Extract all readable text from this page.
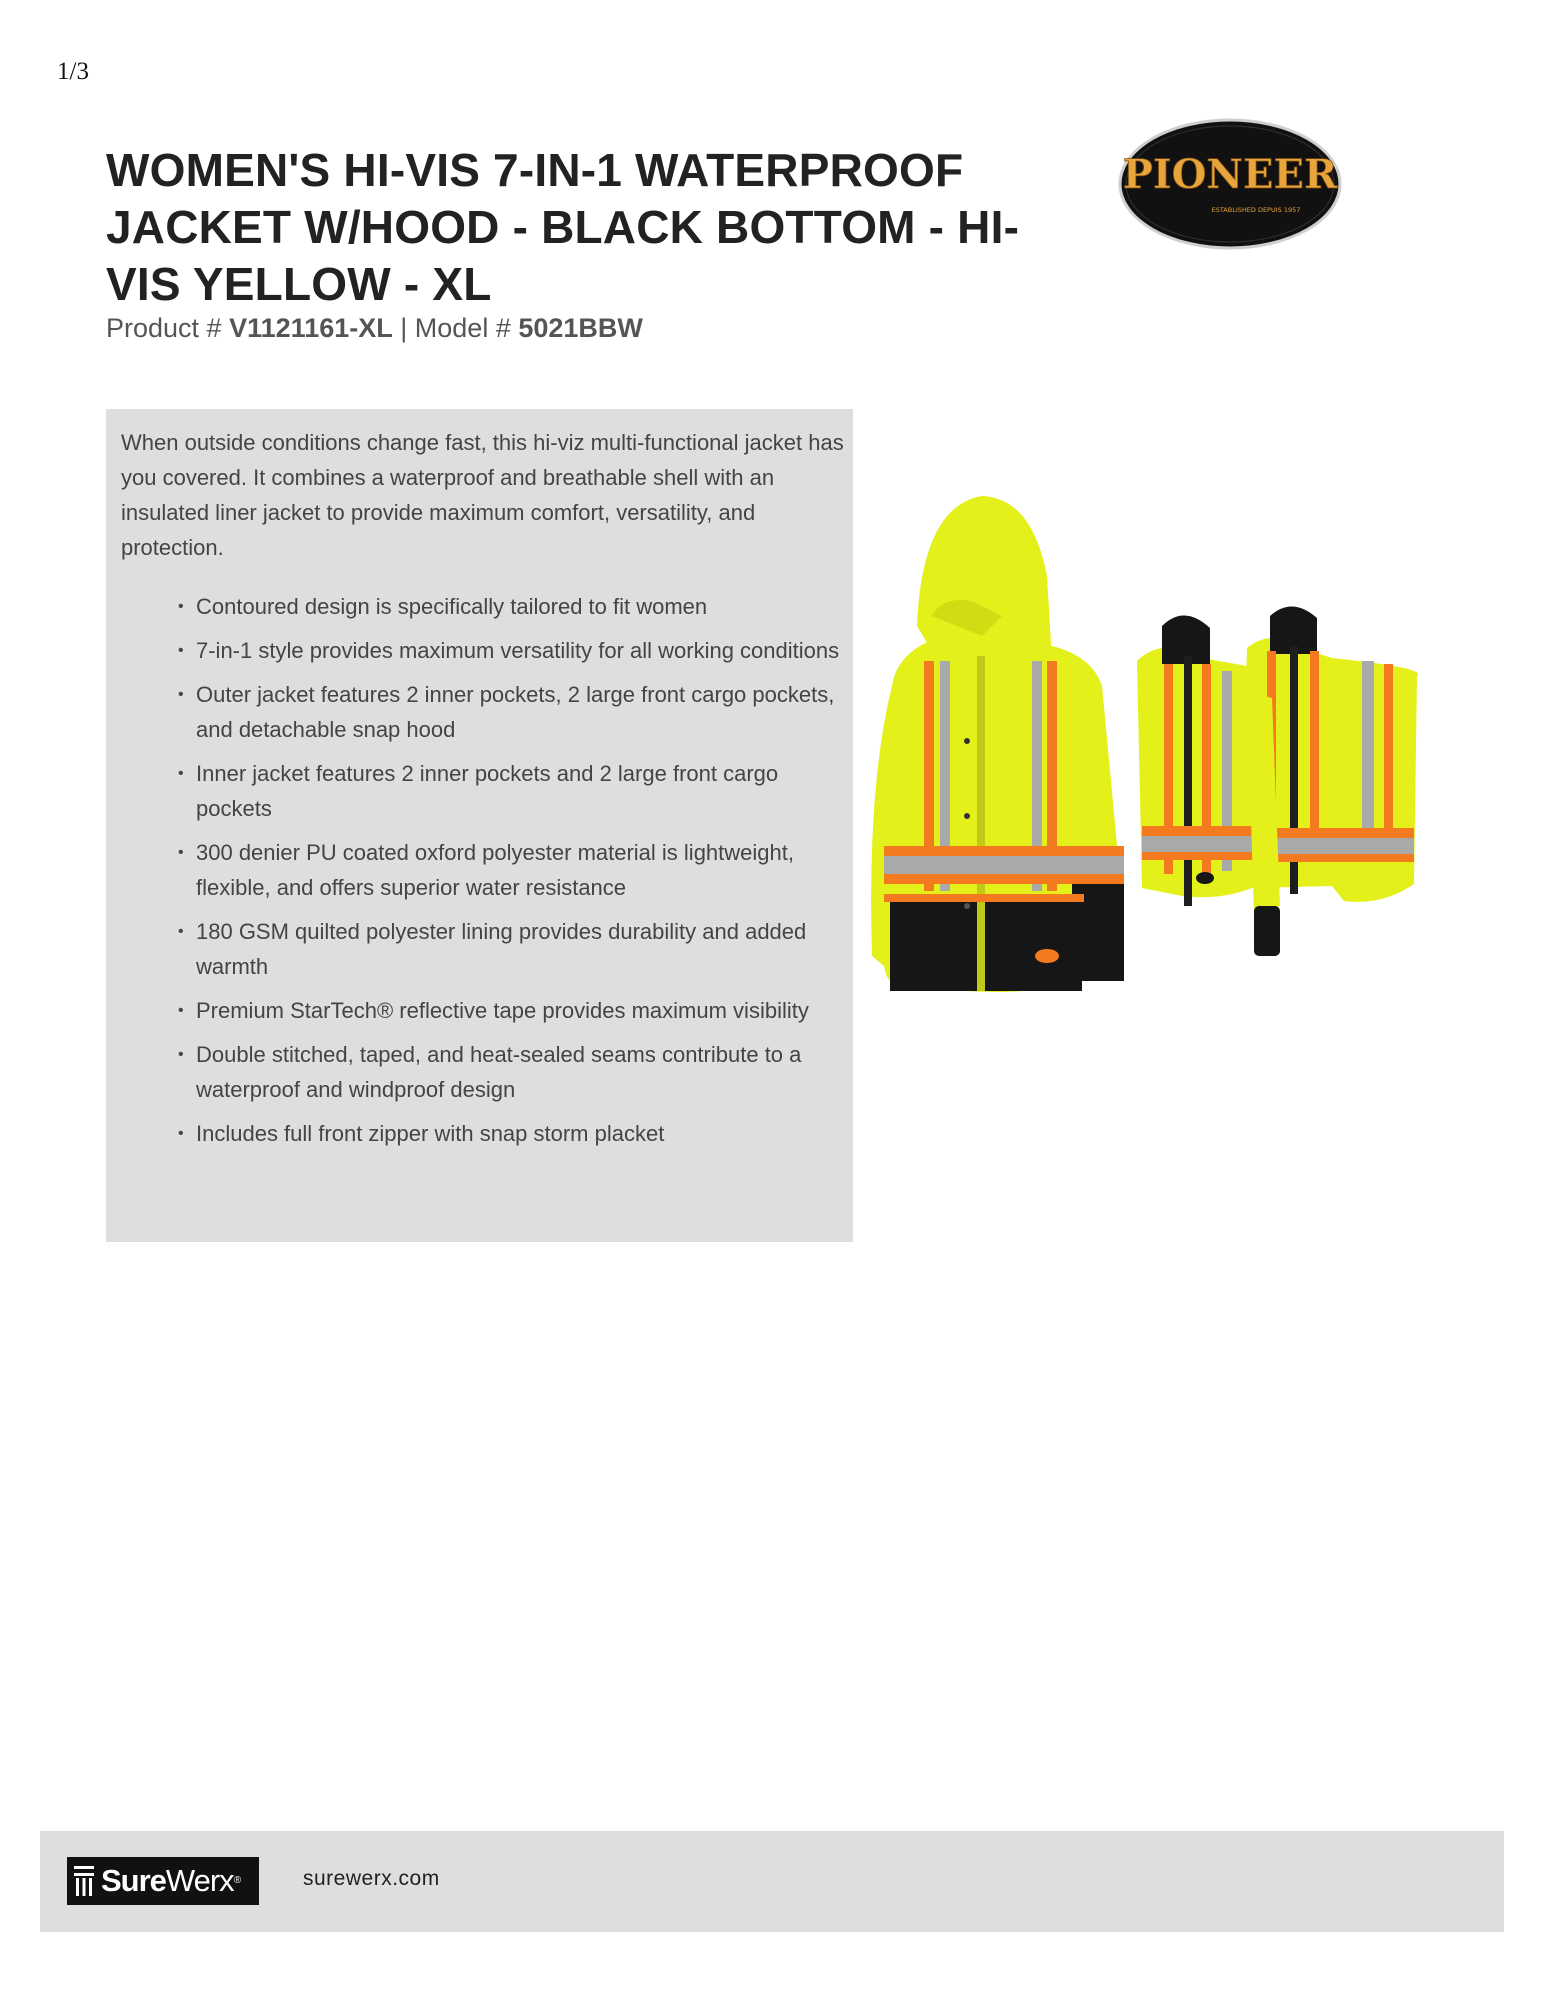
1/3
WOMEN'S HI-VIS 7-IN-1 WATERPROOF JACKET W/HOOD - BLACK BOTTOM - HI-VIS YELLOW - XL
Product # V1121161-XL | Model # 5021BBW
PIONEER
ESTABLISHED DEPUIS 1957

When outside conditions change fast, this hi-viz multi-functional jacket has you covered. It combines a waterproof and breathable shell with an insulated liner jacket to provide maximum comfort, versatility, and protection.

• Contoured design is specifically tailored to fit women
• 7-in-1 style provides maximum versatility for all working conditions
• Outer jacket features 2 inner pockets, 2 large front cargo pockets, and detachable snap hood
• Inner jacket features 2 inner pockets and 2 large front cargo pockets
• 300 denier PU coated oxford polyester material is lightweight, flexible, and offers superior water resistance
• 180 GSM quilted polyester lining provides durability and added warmth
• Premium StarTech® reflective tape provides maximum visibility
• Double stitched, taped, and heat-sealed seams contribute to a waterproof and windproof design
• Includes full front zipper with snap storm placket
SureWerx®	surewerx.com
